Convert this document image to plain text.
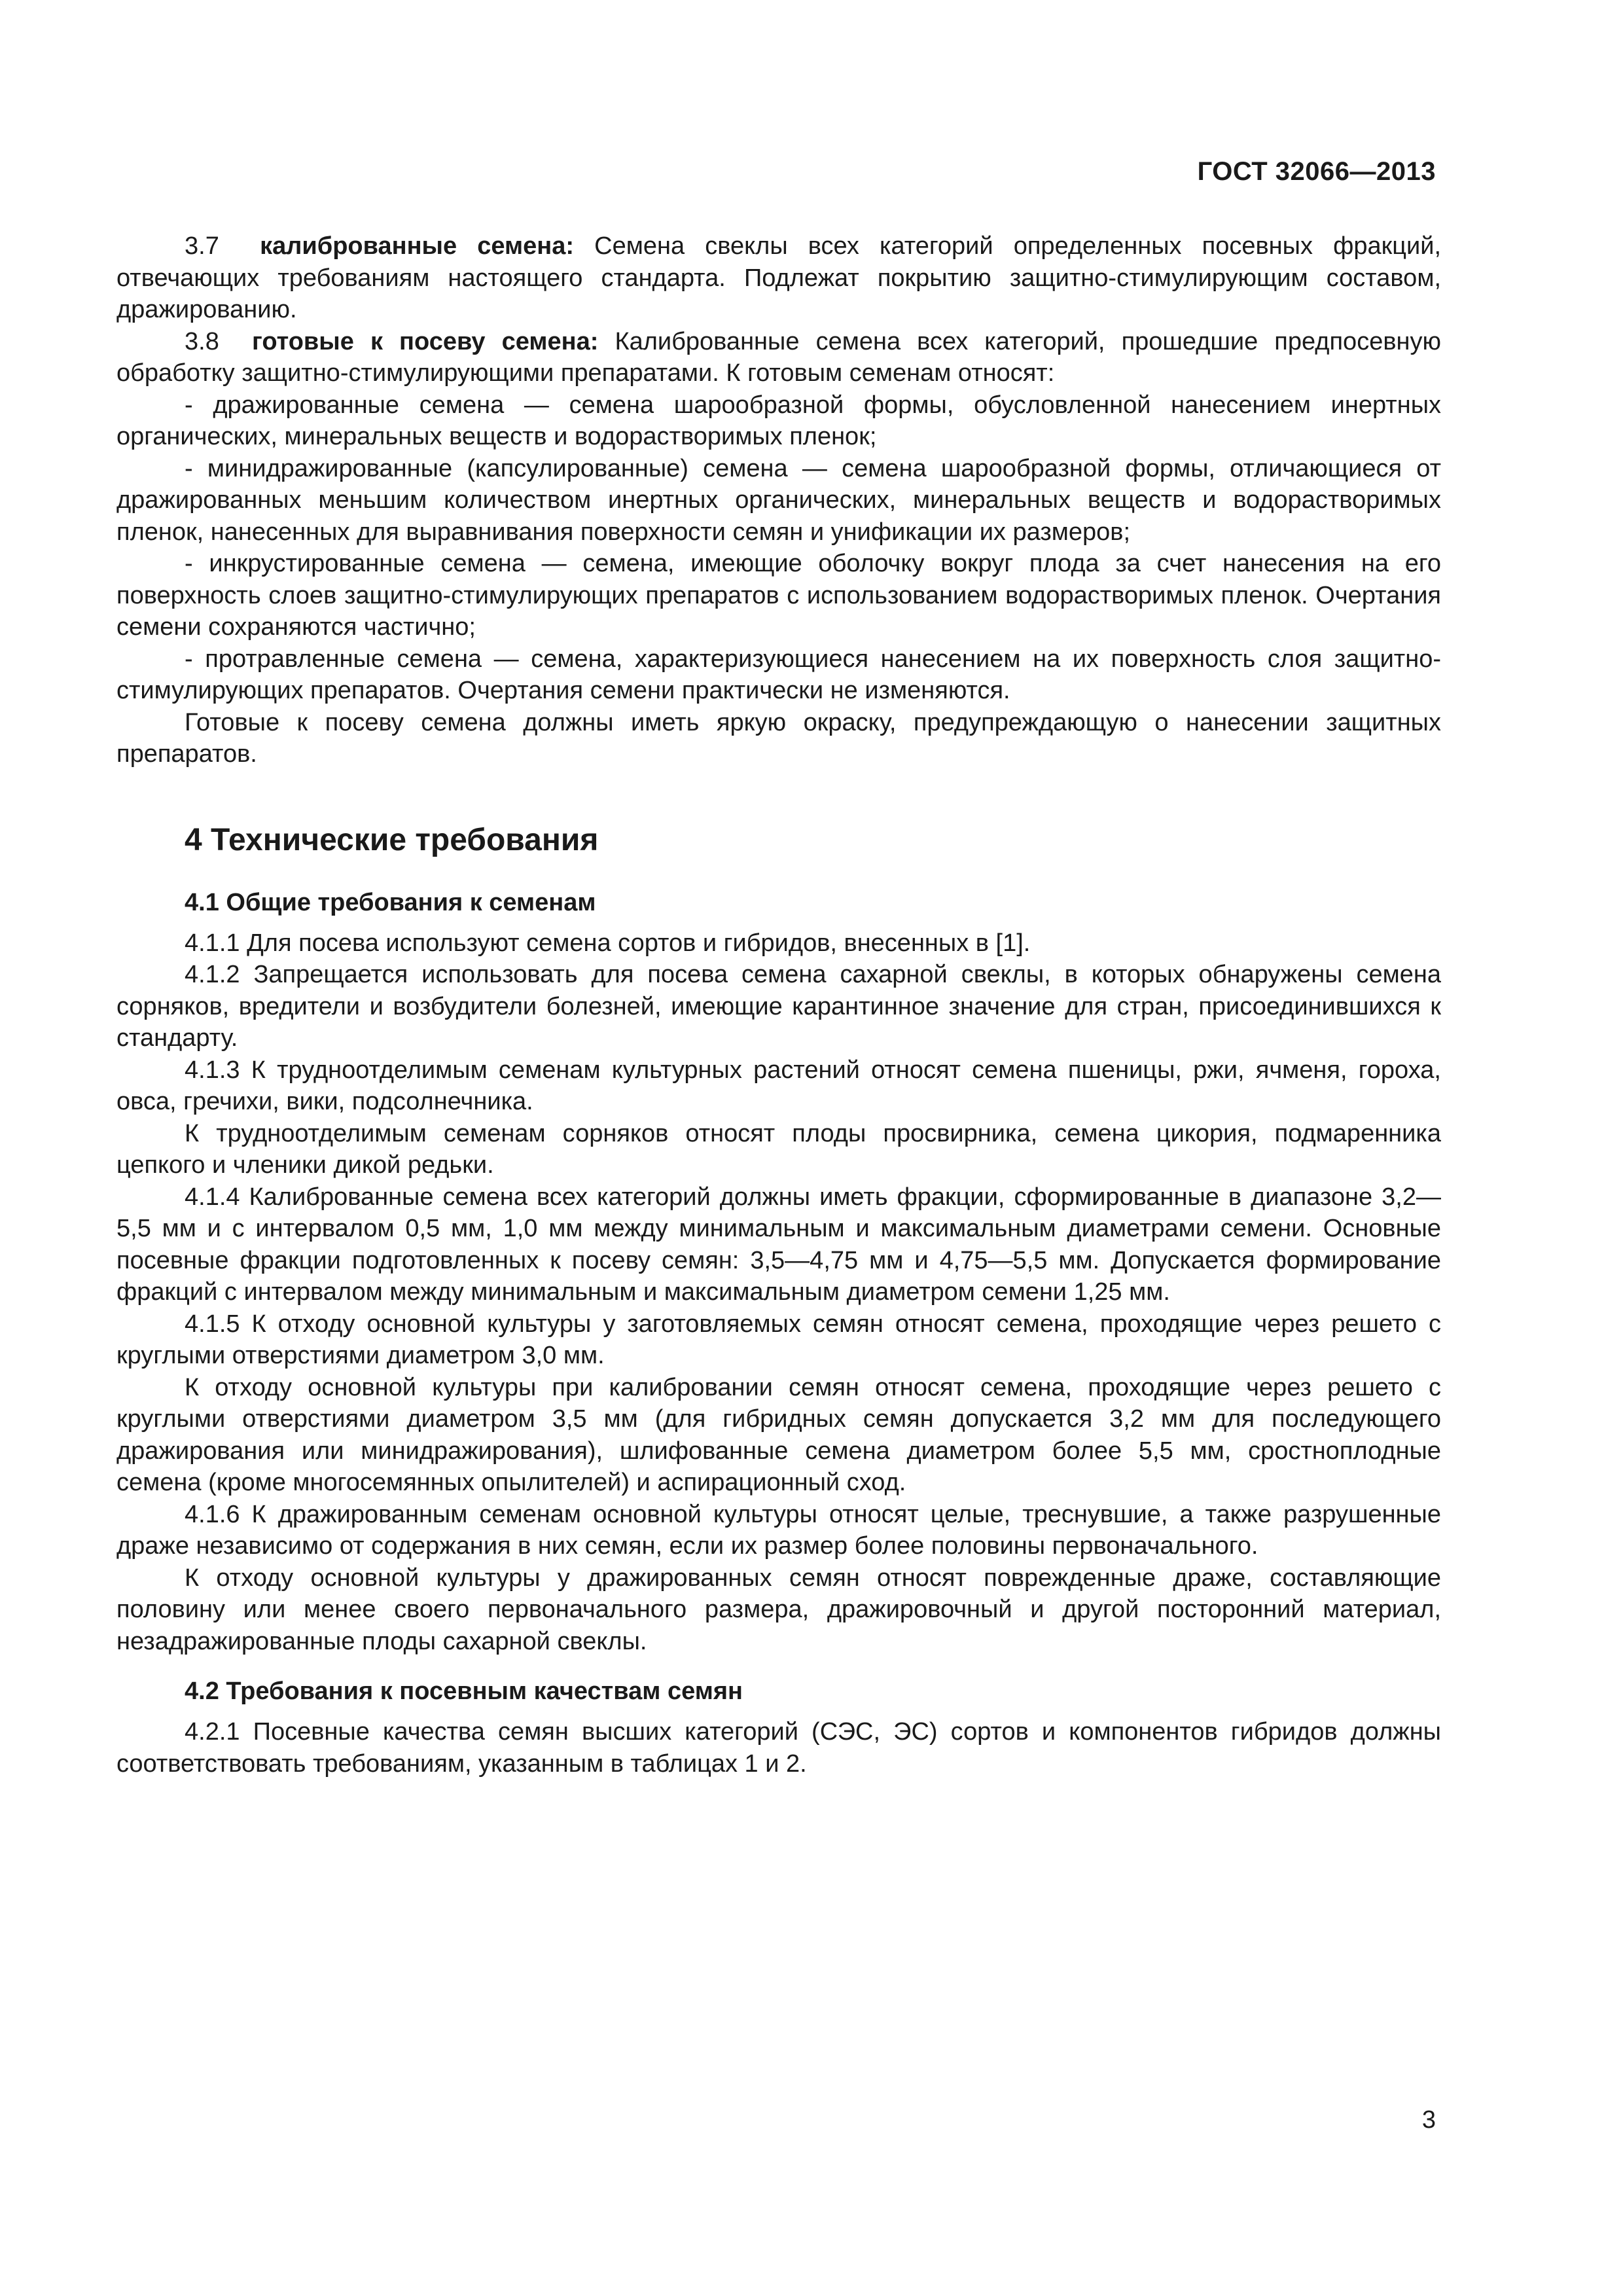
ГОСТ 32066—2013

3.7 калиброванные семена: Семена свеклы всех категорий определенных посевных фракций, отвечающих требованиям настоящего стандарта. Подлежат покрытию защитно-стимулирующим составом, дражированию.

3.8 готовые к посеву семена: Калиброванные семена всех категорий, прошедшие предпосевную обработку защитно-стимулирующими препаратами. К готовым семенам относят:

- дражированные семена — семена шарообразной формы, обусловленной нанесением инертных органических, минеральных веществ и водорастворимых пленок;

- минидражированные (капсулированные) семена — семена шарообразной формы, отличающиеся от дражированных меньшим количеством инертных органических, минеральных веществ и водорастворимых пленок, нанесенных для выравнивания поверхности семян и унификации их размеров;

- инкрустированные семена — семена, имеющие оболочку вокруг плода за счет нанесения на его поверхность слоев защитно-стимулирующих препаратов с использованием водорастворимых пленок. Очертания семени сохраняются частично;

- протравленные семена — семена, характеризующиеся нанесением на их поверхность слоя защитно-стимулирующих препаратов. Очертания семени практически не изменяются.

Готовые к посеву семена должны иметь яркую окраску, предупреждающую о нанесении защитных препаратов.

4 Технические требования
4.1 Общие требования к семенам

4.1.1 Для посева используют семена сортов и гибридов, внесенных в [1].

4.1.2 Запрещается использовать для посева семена сахарной свеклы, в которых обнаружены семена сорняков, вредители и возбудители болезней, имеющие карантинное значение для стран, присоединившихся к стандарту.

4.1.3 К трудноотделимым семенам культурных растений относят семена пшеницы, ржи, ячменя, гороха, овса, гречихи, вики, подсолнечника.

К трудноотделимым семенам сорняков относят плоды просвирника, семена цикория, подмаренника цепкого и членики дикой редьки.

4.1.4 Калиброванные семена всех категорий должны иметь фракции, сформированные в диапазоне 3,2—5,5 мм и с интервалом 0,5 мм, 1,0 мм между минимальным и максимальным диаметрами семени. Основные посевные фракции подготовленных к посеву семян: 3,5—4,75 мм и 4,75—5,5 мм. Допускается формирование фракций с интервалом между минимальным и максимальным диаметром семени 1,25 мм.

4.1.5 К отходу основной культуры у заготовляемых семян относят семена, проходящие через решето с круглыми отверстиями диаметром 3,0 мм.

К отходу основной культуры при калибровании семян относят семена, проходящие через решето с круглыми отверстиями диаметром 3,5 мм (для гибридных семян допускается 3,2 мм для последующего дражирования или минидражирования), шлифованные семена диаметром более 5,5 мм, сростноплодные семена (кроме многосемянных опылителей) и аспирационный сход.

4.1.6 К дражированным семенам основной культуры относят целые, треснувшие, а также разрушенные драже независимо от содержания в них семян, если их размер более половины первоначального.

К отходу основной культуры у дражированных семян относят поврежденные драже, составляющие половину или менее своего первоначального размера, дражировочный и другой посторонний материал, незадражированные плоды сахарной свеклы.

4.2 Требования к посевным качествам семян

4.2.1 Посевные качества семян высших категорий (СЭС, ЭС) сортов и компонентов гибридов должны соответствовать требованиям, указанным в таблицах 1 и 2.

3
